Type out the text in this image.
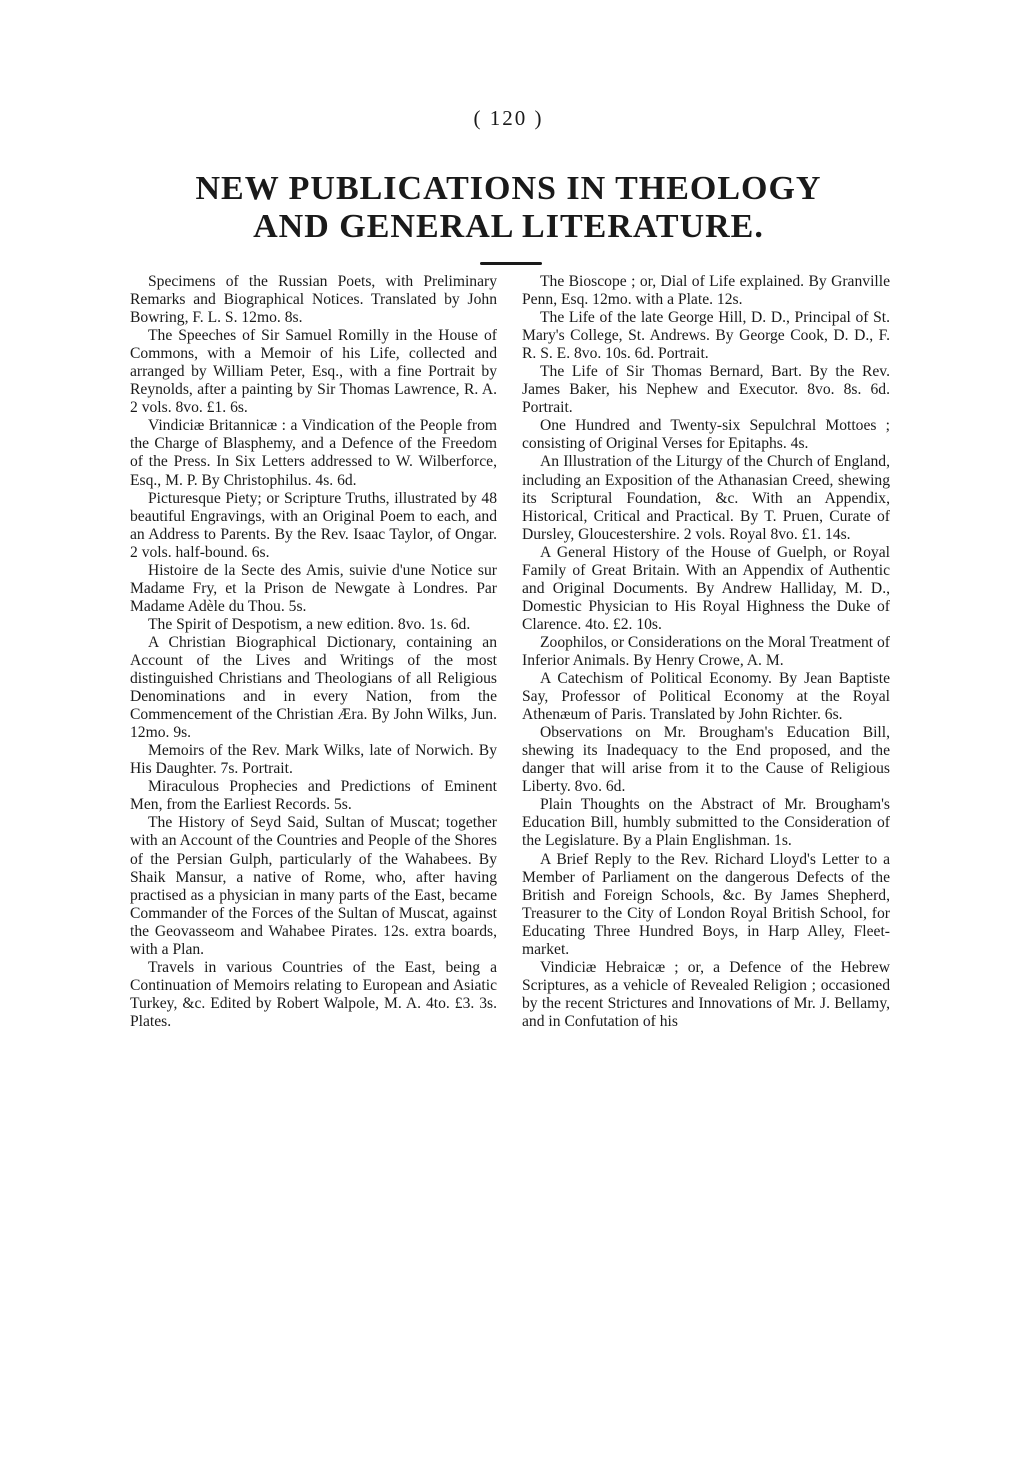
( 120 )
NEW PUBLICATIONS IN THEOLOGY
AND GENERAL LITERATURE.

Specimens of the Russian Poets, with Preliminary Remarks and Biographical Notices. Translated by John Bowring, F. L. S. 12mo. 8s.

The Speeches of Sir Samuel Romilly in the House of Commons, with a Memoir of his Life, collected and arranged by William Peter, Esq., with a fine Portrait by Reynolds, after a painting by Sir Thomas Lawrence, R. A. 2 vols. 8vo. £1. 6s.

Vindiciæ Britannicæ : a Vindication of the People from the Charge of Blasphemy, and a Defence of the Freedom of the Press. In Six Letters addressed to W. Wilberforce, Esq., M. P. By Christophilus. 4s. 6d.

Picturesque Piety; or Scripture Truths, illustrated by 48 beautiful Engravings, with an Original Poem to each, and an Address to Parents. By the Rev. Isaac Taylor, of Ongar. 2 vols. half-bound. 6s.

Histoire de la Secte des Amis, suivie d'une Notice sur Madame Fry, et la Prison de Newgate à Londres. Par Madame Adèle du Thou. 5s.

The Spirit of Despotism, a new edition. 8vo. 1s. 6d.

A Christian Biographical Dictionary, containing an Account of the Lives and Writings of the most distinguished Christians and Theologians of all Religious Denominations and in every Nation, from the Commencement of the Christian Æra. By John Wilks, Jun. 12mo. 9s.

Memoirs of the Rev. Mark Wilks, late of Norwich. By His Daughter. 7s. Portrait.

Miraculous Prophecies and Predictions of Eminent Men, from the Earliest Records. 5s.

The History of Seyd Said, Sultan of Muscat; together with an Account of the Countries and People of the Shores of the Persian Gulph, particularly of the Wahabees. By Shaik Mansur, a native of Rome, who, after having practised as a physician in many parts of the East, became Commander of the Forces of the Sultan of Muscat, against the Geovasseom and Wahabee Pirates. 12s. extra boards, with a Plan.

Travels in various Countries of the East, being a Continuation of Memoirs relating to European and Asiatic Turkey, &c. Edited by Robert Walpole, M. A. 4to. £3. 3s. Plates.

The Bioscope ; or, Dial of Life explained. By Granville Penn, Esq. 12mo. with a Plate. 12s.

The Life of the late George Hill, D. D., Principal of St. Mary's College, St. Andrews. By George Cook, D. D., F. R. S. E. 8vo. 10s. 6d. Portrait.

The Life of Sir Thomas Bernard, Bart. By the Rev. James Baker, his Nephew and Executor. 8vo. 8s. 6d. Portrait.

One Hundred and Twenty-six Sepulchral Mottoes ; consisting of Original Verses for Epitaphs. 4s.

An Illustration of the Liturgy of the Church of England, including an Exposition of the Athanasian Creed, shewing its Scriptural Foundation, &c. With an Appendix, Historical, Critical and Practical. By T. Pruen, Curate of Dursley, Gloucestershire. 2 vols. Royal 8vo. £1. 14s.

A General History of the House of Guelph, or Royal Family of Great Britain. With an Appendix of Authentic and Original Documents. By Andrew Halliday, M. D., Domestic Physician to His Royal Highness the Duke of Clarence. 4to. £2. 10s.

Zoophilos, or Considerations on the Moral Treatment of Inferior Animals. By Henry Crowe, A. M.

A Catechism of Political Economy. By Jean Baptiste Say, Professor of Political Economy at the Royal Athenæum of Paris. Translated by John Richter. 6s.

Observations on Mr. Brougham's Education Bill, shewing its Inadequacy to the End proposed, and the danger that will arise from it to the Cause of Religious Liberty. 8vo. 6d.

Plain Thoughts on the Abstract of Mr. Brougham's Education Bill, humbly submitted to the Consideration of the Legislature. By a Plain Englishman. 1s.

A Brief Reply to the Rev. Richard Lloyd's Letter to a Member of Parliament on the dangerous Defects of the British and Foreign Schools, &c. By James Shepherd, Treasurer to the City of London Royal British School, for Educating Three Hundred Boys, in Harp Alley, Fleet-market.

Vindiciæ Hebraicæ ; or, a Defence of the Hebrew Scriptures, as a vehicle of Revealed Religion ; occasioned by the recent Strictures and Innovations of Mr. J. Bellamy, and in Confutation of his
